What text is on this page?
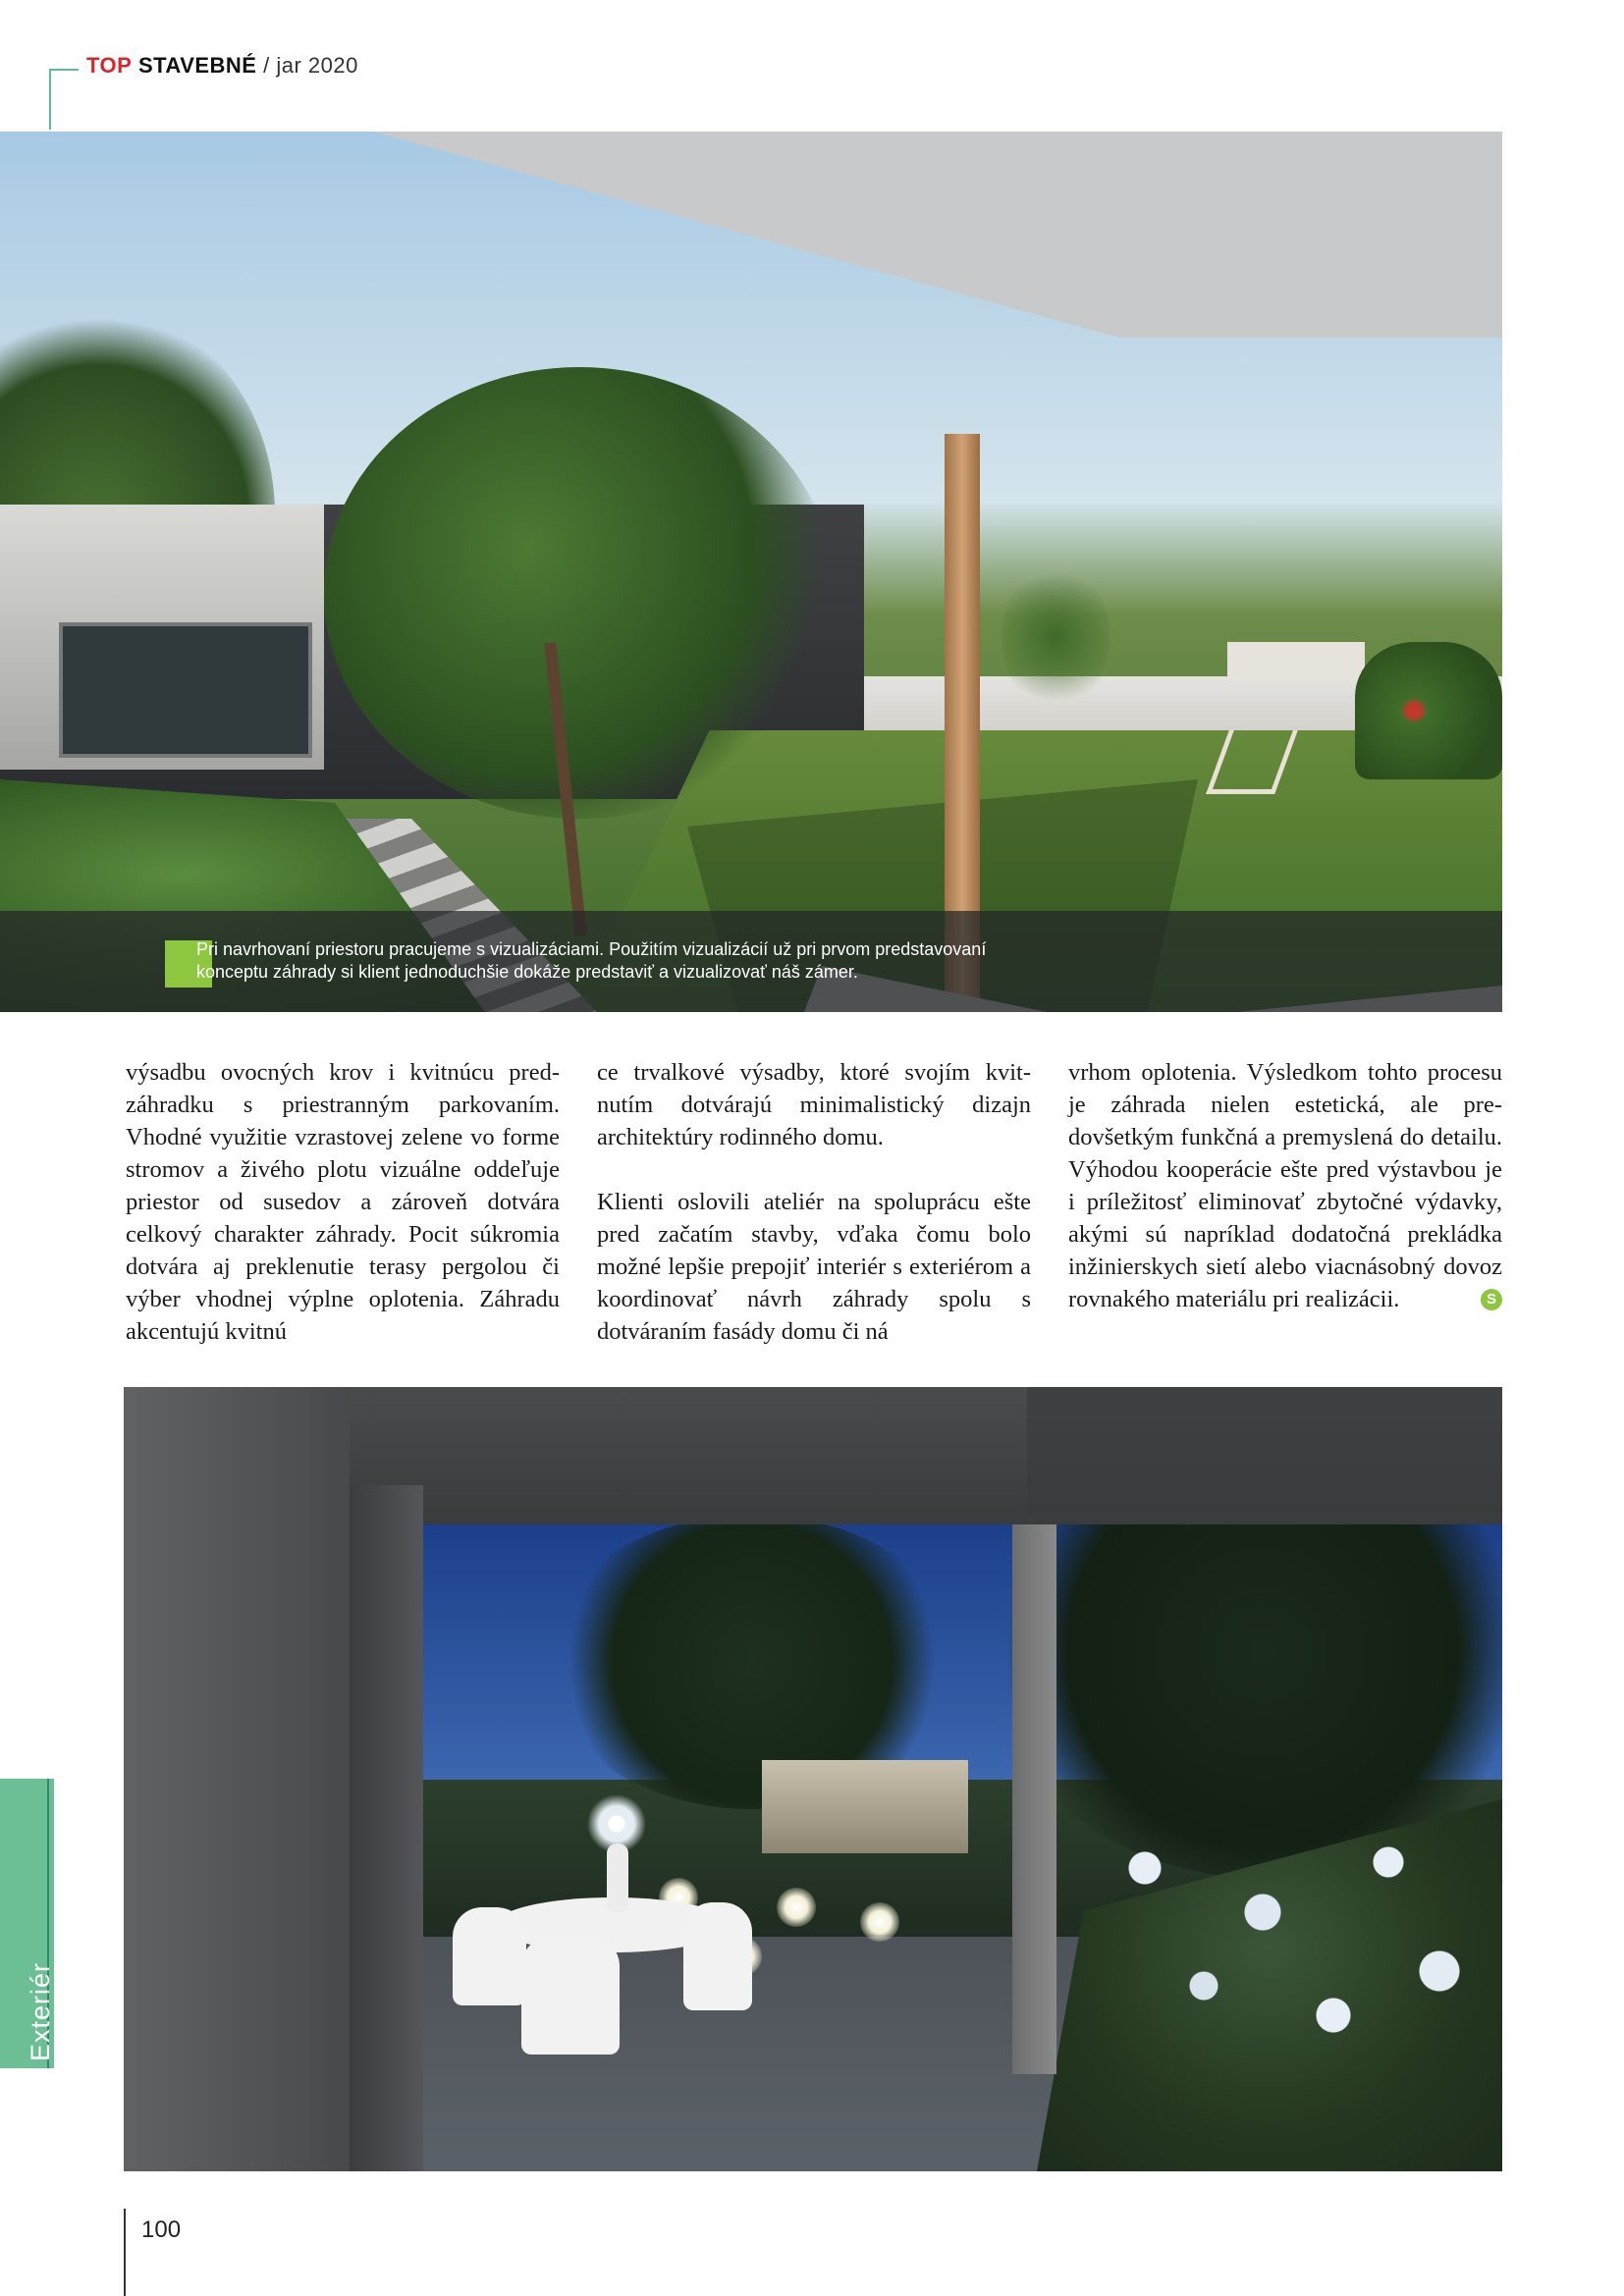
TOP STAVEBNÉ / jar 2020
Pri navrhovaní priestoru pracujeme s vizualizáciami. Použitím vizualizácií už pri prvom predstavovaní konceptu záhrady si klient jednoduchšie dokáže predstaviť a vizualizovať náš zámer.

výsadbu ovocných krov i kvitnúcu predzáhradku s priestranným parkovaním. Vhodné využitie vzrastovej zelene vo forme stromov a živého plotu vizuálne oddeľuje priestor od susedov a zároveň dotvára celkový charakter záhrady. Pocit súkromia dotvára aj preklenutie terasy pergolou či výber vhodnej výplne oplotenia. Záhradu akcentujú kvitnú

ce trvalkové výsadby, ktoré svojím kvitnutím dotvárajú minimalistický dizajn architektúry rodinného domu.

Klienti oslovili ateliér na spoluprácu ešte pred začatím stavby, vďaka čomu bolo možné lepšie prepojiť interiér s exteriérom a koordinovať návrh záhrady spolu s dotváraním fasády domu či ná

vrhom oplotenia. Výsledkom tohto procesu je záhrada nielen estetická, ale predovšetkým funkčná a premyslená do detailu. Výhodou kooperácie ešte pred výstavbou je i príležitosť eliminovať zbytočné výdavky, akými sú napríklad dodatočná prekládka inžinierskych sietí alebo viacnásobný dovoz rovnakého materiálu pri realizácii.	S

Exteriér
100
